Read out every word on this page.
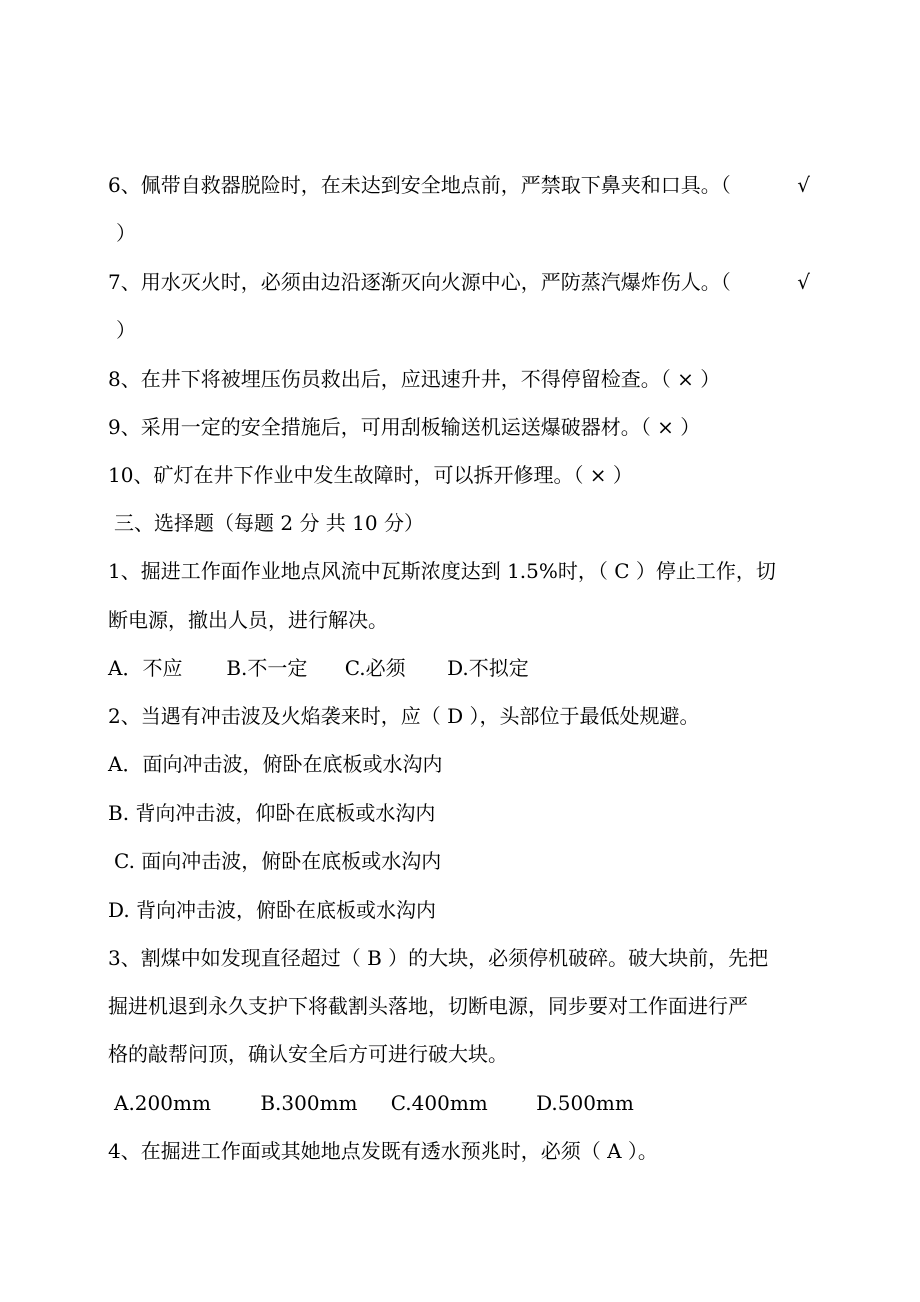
6、佩带自救器脱险时，在未达到安全地点前，严禁取下鼻夹和口具。（	√
）
7、用水灭火时，必须由边沿逐渐灭向火源中心，严防蒸汽爆炸伤人。（	√
）
8、在井下将被埋压伤员救出后，应迅速升井，不得停留检查。（ × ）
9、采用一定的安全措施后，可用刮板输送机运送爆破器材。（ × ）
10、矿灯在井下作业中发生故障时，可以拆开修理。（ × ）
三、选择题（每题 2 分 共 10 分）
1、掘进工作面作业地点风流中瓦斯浓度达到 1.5%时，（ C ）停止工作，切
断电源，撤出人员，进行解决。
A．不应 B.不一定 C.必须 D.不拟定
2、当遇有冲击波及火焰袭来时，应（ D ），头部位于最低处规避。
A．面向冲击波，俯卧在底板或水沟内
B. 背向冲击波，仰卧在底板或水沟内
C. 面向冲击波，俯卧在底板或水沟内
D. 背向冲击波，俯卧在底板或水沟内
3、割煤中如发现直径超过（ B ）的大块，必须停机破碎。破大块前，先把
掘进机退到永久支护下将截割头落地，切断电源，同步要对工作面进行严
格的敲帮问顶，确认安全后方可进行破大块。
A.200mm B.300mm C.400mm D.500mm
4、在掘进工作面或其她地点发既有透水预兆时，必须（ A ）。
